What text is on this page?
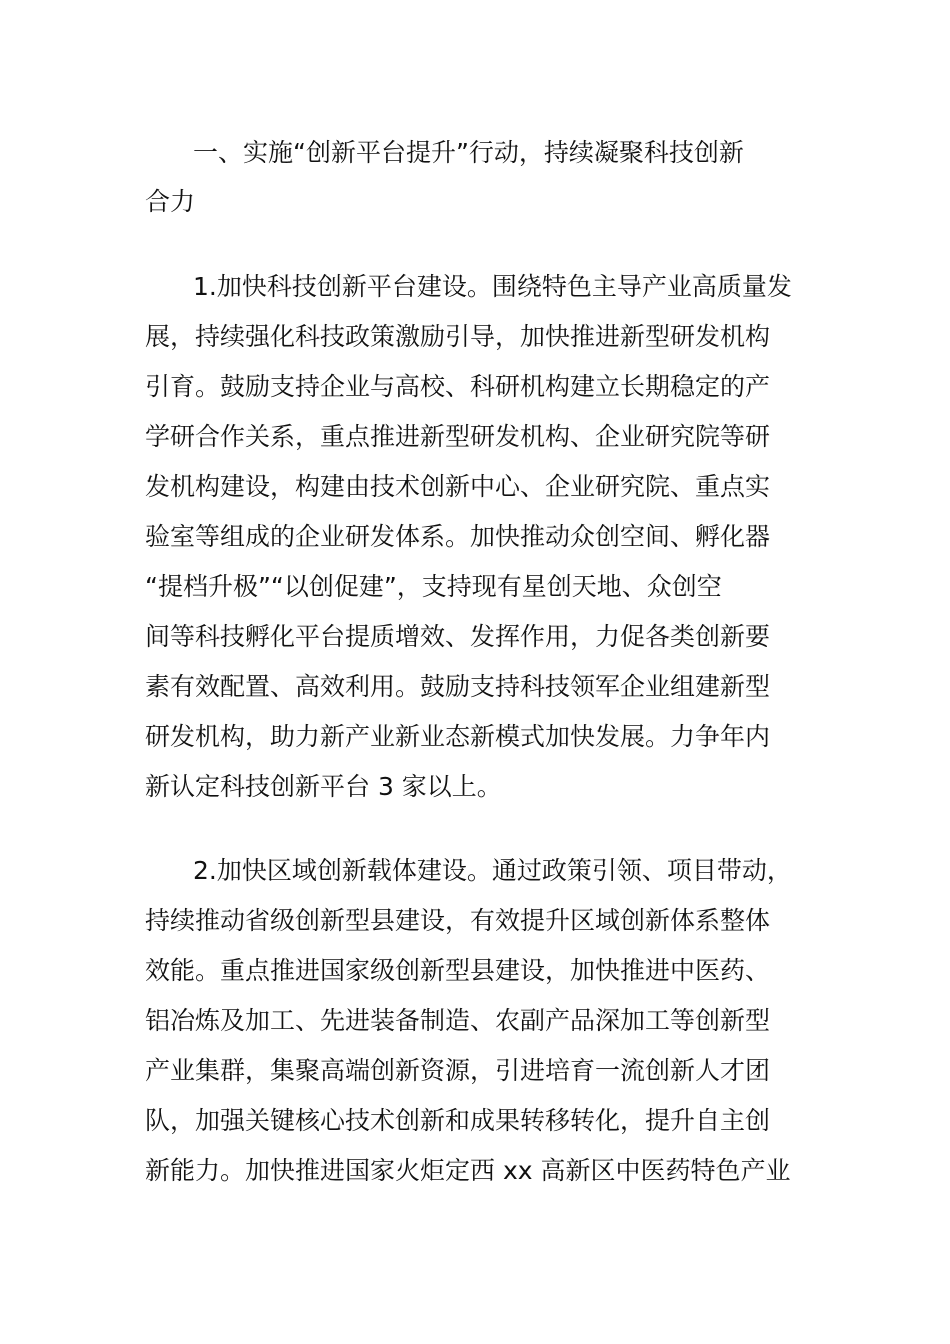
一、实施“创新平台提升”行动，持续凝聚科技创新
合力
1.加快科技创新平台建设。围绕特色主导产业高质量发
展，持续强化科技政策激励引导，加快推进新型研发机构
引育。鼓励支持企业与高校、科研机构建立长期稳定的产
学研合作关系，重点推进新型研发机构、企业研究院等研
发机构建设，构建由技术创新中心、企业研究院、重点实
验室等组成的企业研发体系。加快推动众创空间、孵化器
“提档升极”“以创促建”，支持现有星创天地、众创空
间等科技孵化平台提质增效、发挥作用，力促各类创新要
素有效配置、高效利用。鼓励支持科技领军企业组建新型
研发机构，助力新产业新业态新模式加快发展。力争年内
新认定科技创新平台 3 家以上。
2.加快区域创新载体建设。通过政策引领、项目带动，
持续推动省级创新型县建设，有效提升区域创新体系整体
效能。重点推进国家级创新型县建设，加快推进中医药、
铝冶炼及加工、先进装备制造、农副产品深加工等创新型
产业集群，集聚高端创新资源，引进培育一流创新人才团
队，加强关键核心技术创新和成果转移转化，提升自主创
新能力。加快推进国家火炬定西 xx 高新区中医药特色产业
